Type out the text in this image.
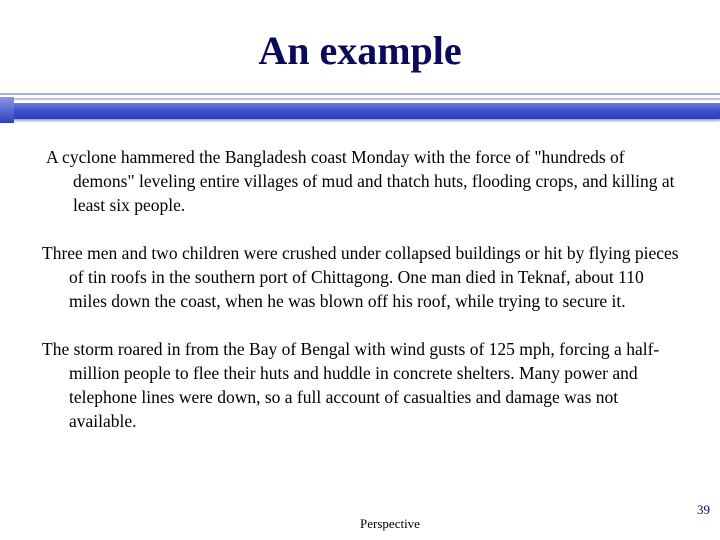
An example

A cyclone hammered the Bangladesh coast Monday with the force of "hundreds of demons" leveling entire villages of mud and thatch huts, flooding crops, and killing at least six people.

Three men and two children were crushed under collapsed buildings or hit by flying pieces of tin roofs in the southern port of Chittagong. One man died in Teknaf, about 110 miles down the coast, when he was blown off his roof, while trying to secure it.

The storm roared in from the Bay of Bengal with wind gusts of 125 mph, forcing a half-million people to flee their huts and huddle in concrete shelters. Many power and telephone lines were down, so a full account of casualties and damage was not available.

Perspective
39
